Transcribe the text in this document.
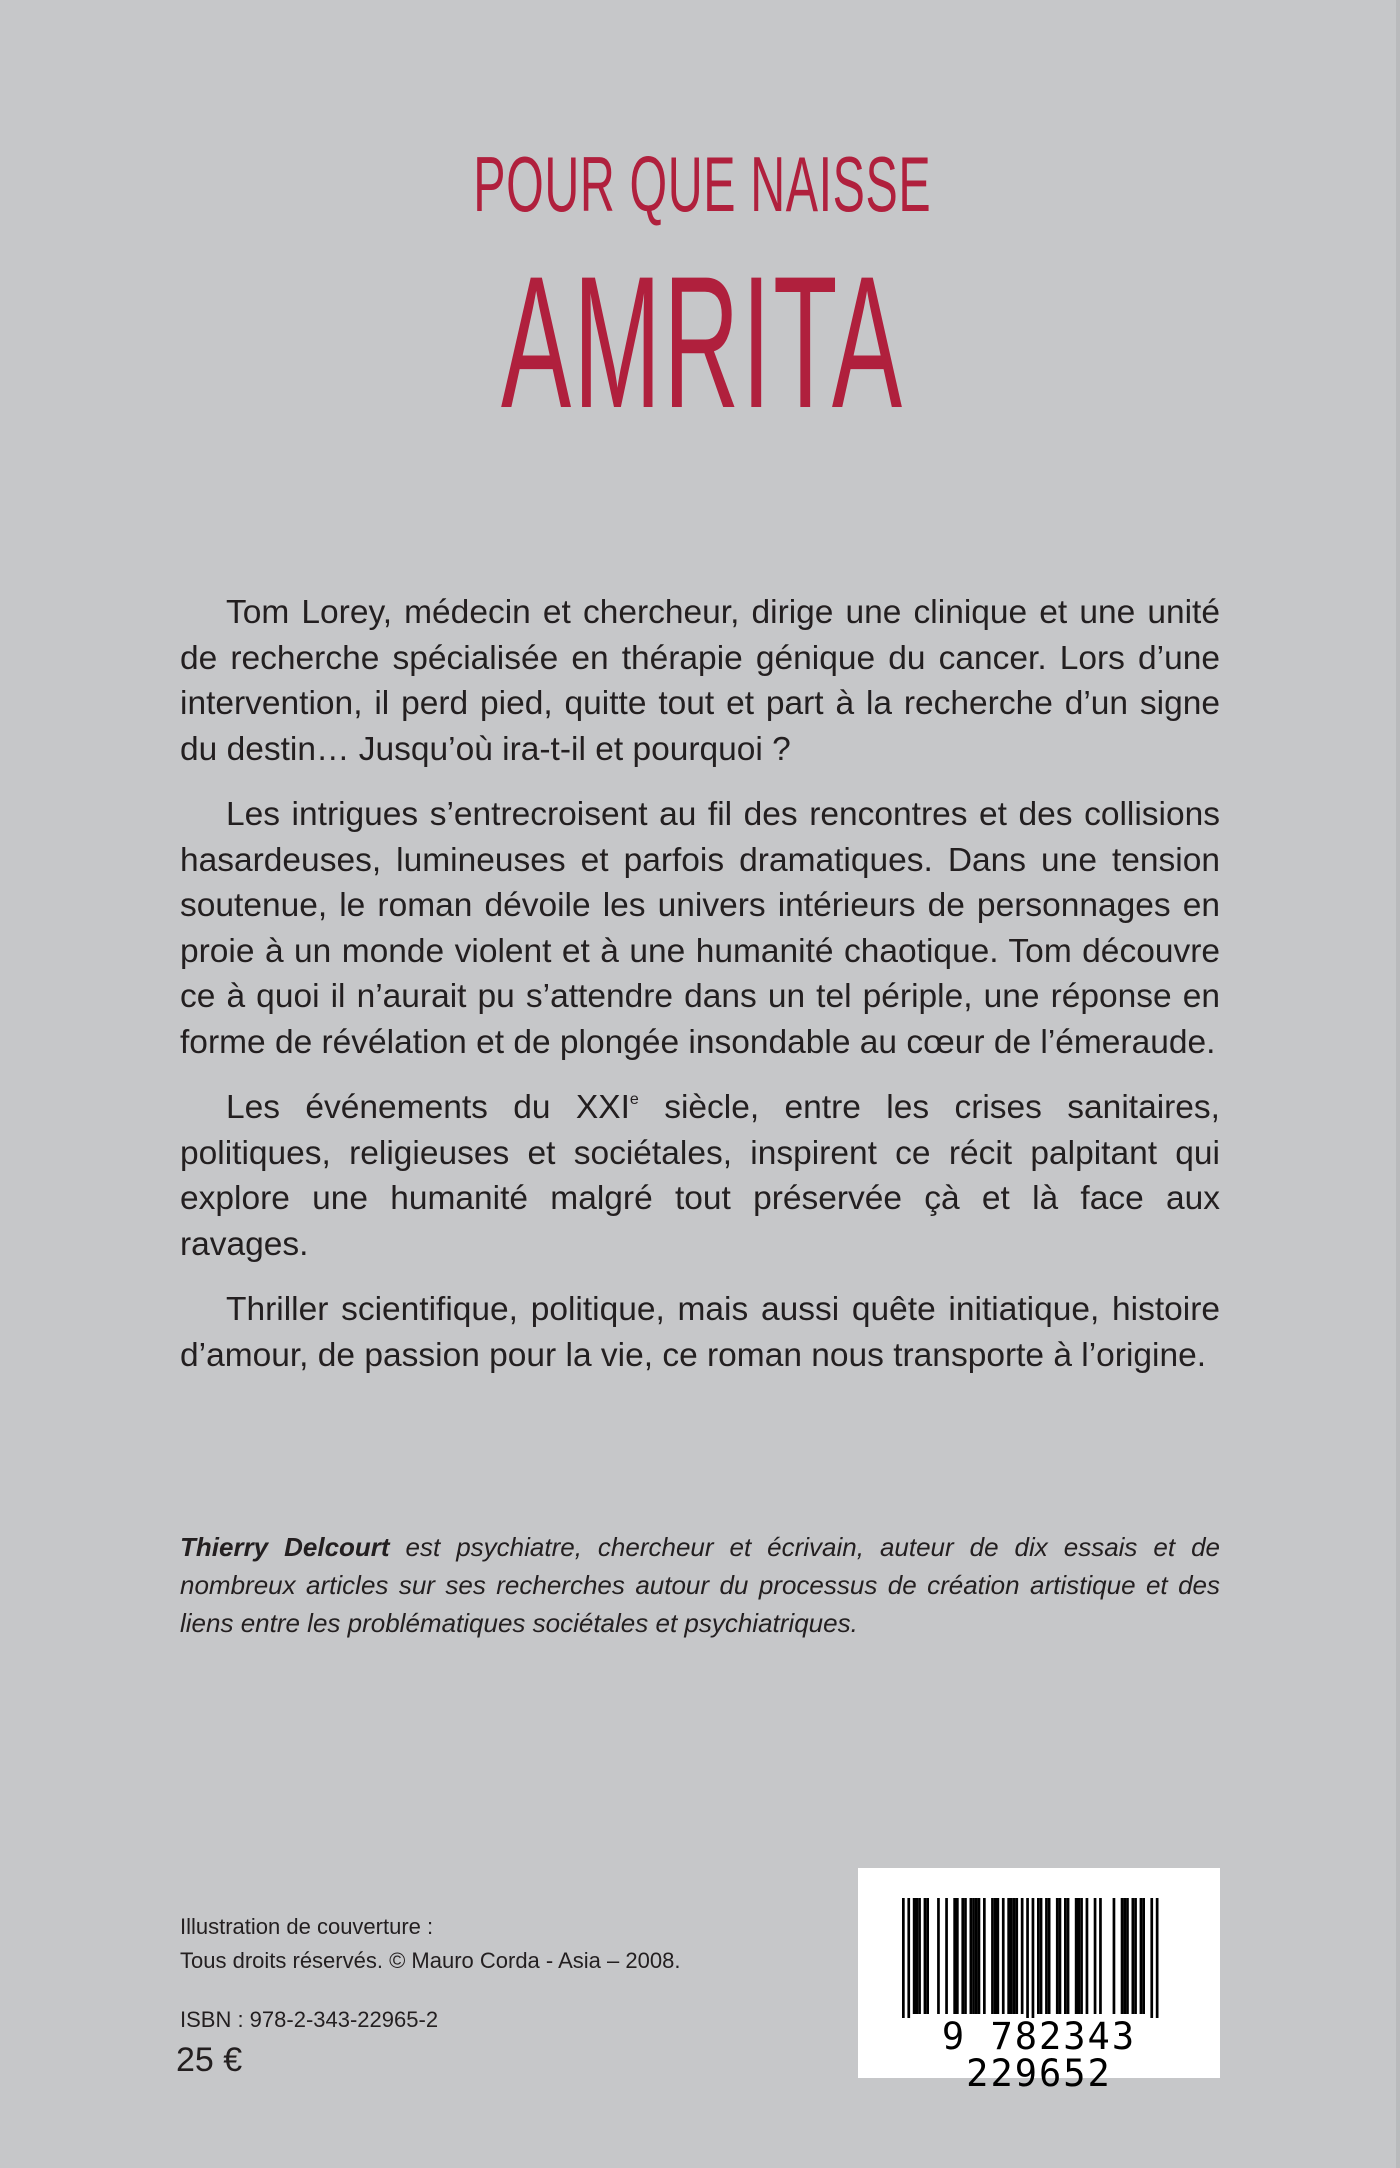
POUR QUE NAISSE
AMRITA

Tom Lorey, médecin et chercheur, dirige une clinique et une unité de recherche spécialisée en thérapie génique du cancer. Lors d’une intervention, il perd pied, quitte tout et part à la recherche d’un signe du destin… Jusqu’où ira-t-il et pourquoi ?

Les intrigues s’entrecroisent au fil des rencontres et des collisions hasardeuses, lumineuses et parfois dramatiques. Dans une tension soutenue, le roman dévoile les univers intérieurs de personnages en proie à un monde violent et à une humanité chaotique. Tom découvre ce à quoi il n’aurait pu s’attendre dans un tel périple, une réponse en forme de révélation et de plongée insondable au cœur de l’émeraude.

Les événements du XXIe siècle, entre les crises sanitaires, politiques, religieuses et sociétales, inspirent ce récit palpitant qui explore une humanité malgré tout préservée çà et là face aux ravages.

Thriller scientifique, politique, mais aussi quête initiatique, histoire d’amour, de passion pour la vie, ce roman nous transporte à l’origine.

Thierry Delcourt est psychiatre, chercheur et écrivain, auteur de dix essais et de nombreux articles sur ses recherches autour du processus de création artistique et des liens entre les problématiques sociétales et psychiatriques.
Illustration de couverture :
Tous droits réservés. © Mauro Corda - Asia – 2008.
ISBN : 978-2-343-22965-2
25 €
9 782343 229652
